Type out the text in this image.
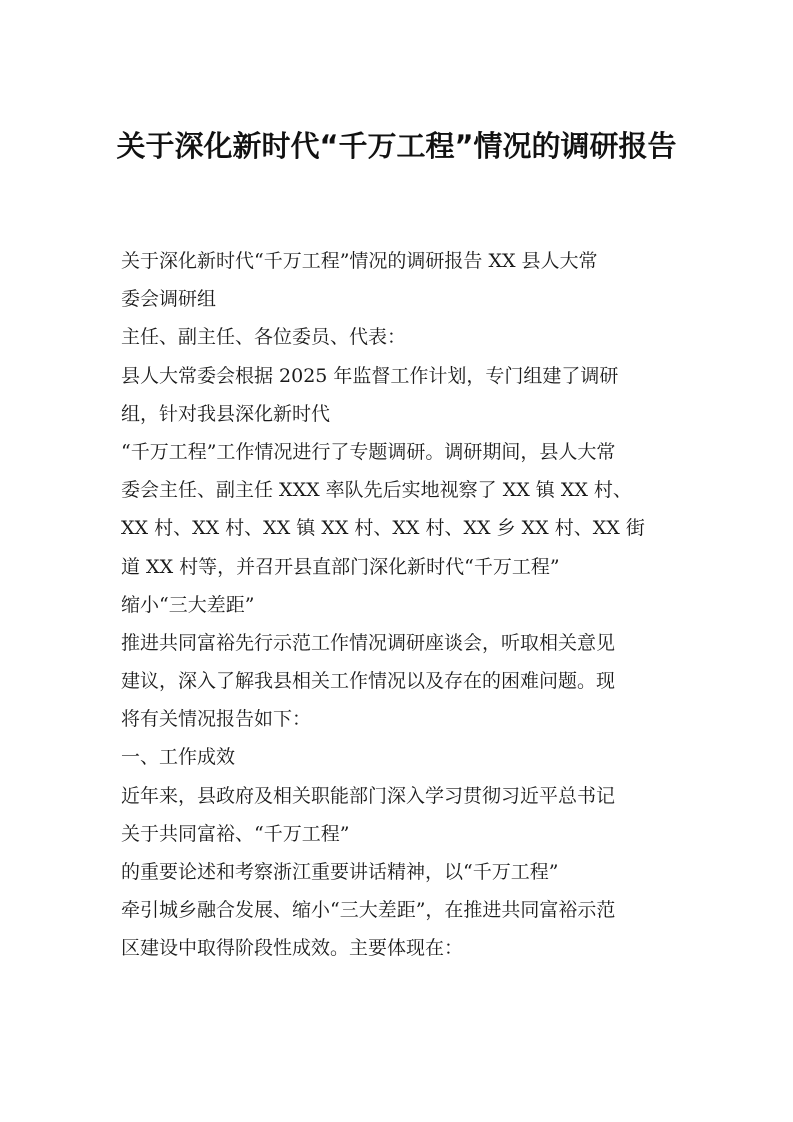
关于深化新时代“千万工程”情况的调研报告
关于深化新时代“千万工程”情况的调研报告 XX 县人大常
委会调研组
主任、副主任、各位委员、代表：
县人大常委会根据 2025 年监督工作计划，专门组建了调研
组，针对我县深化新时代
“千万工程”工作情况进行了专题调研。调研期间，县人大常
委会主任、副主任 XXX 率队先后实地视察了 XX 镇 XX 村、
XX 村、XX 村、XX 镇 XX 村、XX 村、XX 乡 XX 村、XX 街
道 XX 村等，并召开县直部门深化新时代“千万工程”
缩小“三大差距”
推进共同富裕先行示范工作情况调研座谈会，听取相关意见
建议，深入了解我县相关工作情况以及存在的困难问题。现
将有关情况报告如下：
一、工作成效
近年来，县政府及相关职能部门深入学习贯彻习近平总书记
关于共同富裕、“千万工程”
的重要论述和考察浙江重要讲话精神，以“千万工程”
牵引城乡融合发展、缩小“三大差距”，在推进共同富裕示范
区建设中取得阶段性成效。主要体现在：
